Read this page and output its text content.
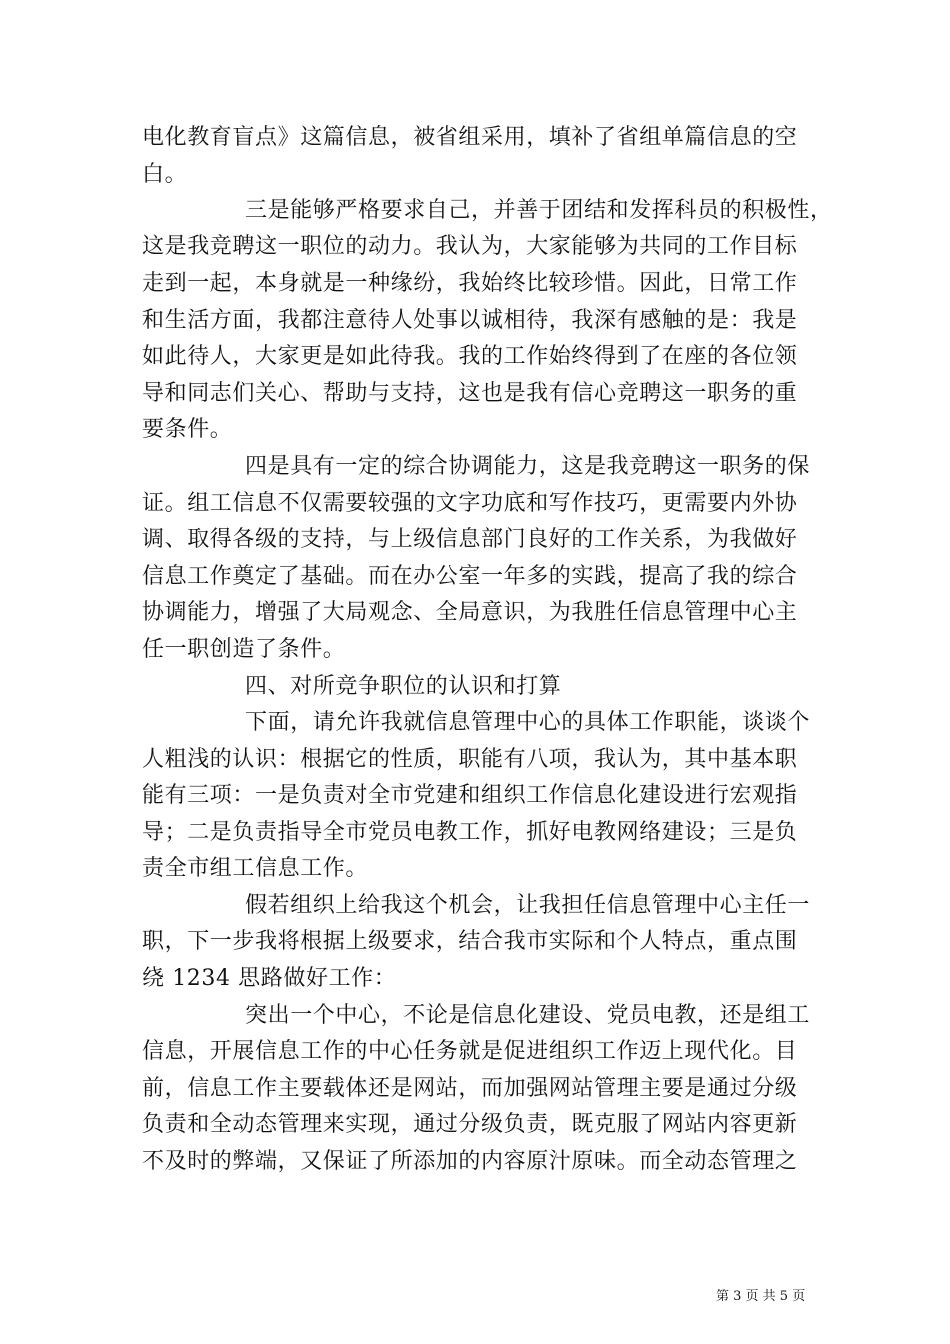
电化教育盲点》这篇信息，被省组采用，填补了省组单篇信息的空
白。
三是能够严格要求自己，并善于团结和发挥科员的积极性，
这是我竞聘这一职位的动力。我认为，大家能够为共同的工作目标
走到一起，本身就是一种缘纷，我始终比较珍惜。因此，日常工作
和生活方面，我都注意待人处事以诚相待，我深有感触的是：我是
如此待人，大家更是如此待我。我的工作始终得到了在座的各位领
导和同志们关心、帮助与支持，这也是我有信心竞聘这一职务的重
要条件。
四是具有一定的综合协调能力，这是我竞聘这一职务的保
证。组工信息不仅需要较强的文字功底和写作技巧，更需要内外协
调、取得各级的支持，与上级信息部门良好的工作关系，为我做好
信息工作奠定了基础。而在办公室一年多的实践，提高了我的综合
协调能力，增强了大局观念、全局意识，为我胜任信息管理中心主
任一职创造了条件。
四、对所竞争职位的认识和打算
下面，请允许我就信息管理中心的具体工作职能，谈谈个
人粗浅的认识：根据它的性质，职能有八项，我认为，其中基本职
能有三项：一是负责对全市党建和组织工作信息化建设进行宏观指
导；二是负责指导全市党员电教工作，抓好电教网络建设；三是负
责全市组工信息工作。
假若组织上给我这个机会，让我担任信息管理中心主任一
职，下一步我将根据上级要求，结合我市实际和个人特点，重点围
绕 1234 思路做好工作：
突出一个中心，不论是信息化建设、党员电教，还是组工
信息，开展信息工作的中心任务就是促进组织工作迈上现代化。目
前，信息工作主要载体还是网站，而加强网站管理主要是通过分级
负责和全动态管理来实现，通过分级负责，既克服了网站内容更新
不及时的弊端，又保证了所添加的内容原汁原味。而全动态管理之
第 3 页 共 5 页
